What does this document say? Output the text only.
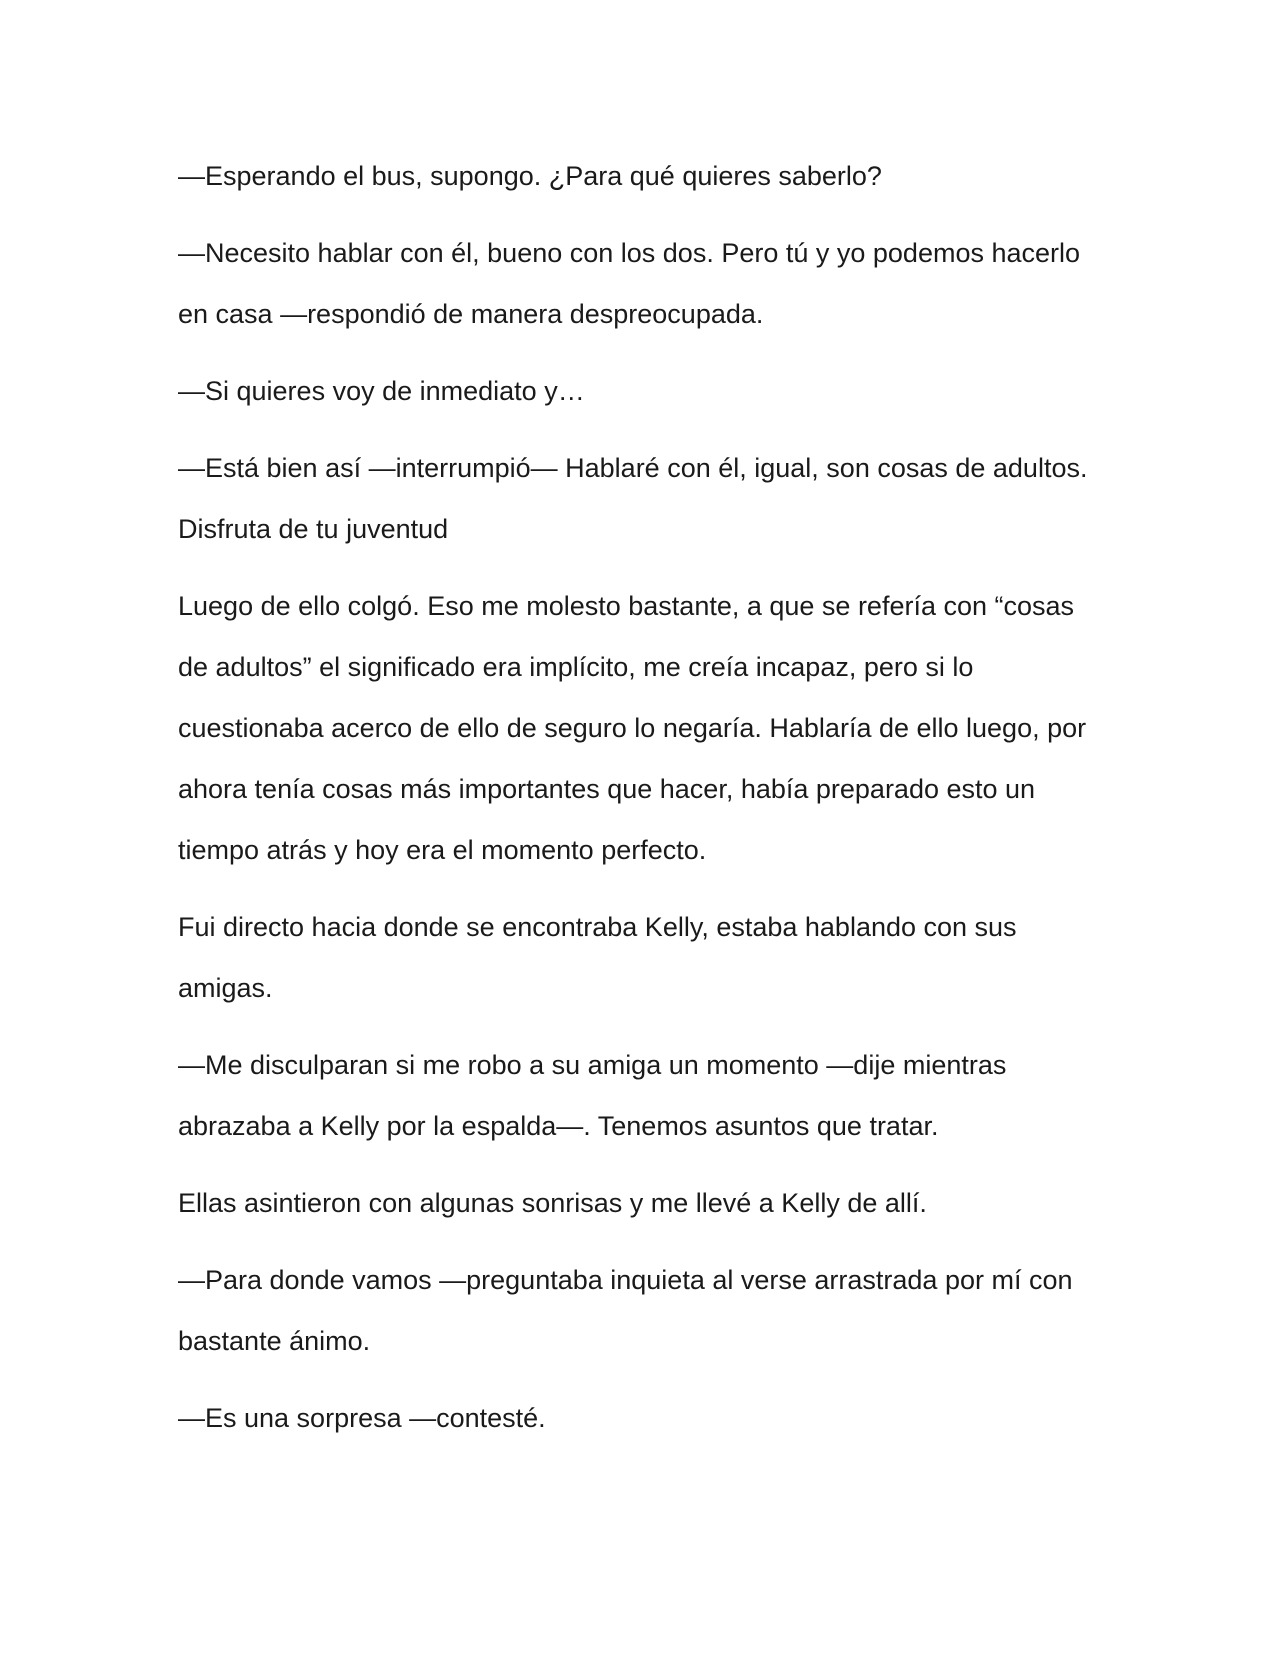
—Esperando el bus, supongo. ¿Para qué quieres saberlo?

—Necesito hablar con él, bueno con los dos. Pero tú y yo podemos hacerlo en casa —respondió de manera despreocupada.

—Si quieres voy de inmediato y…

—Está bien así —interrumpió— Hablaré con él, igual, son cosas de adultos. Disfruta de tu juventud

Luego de ello colgó. Eso me molesto bastante, a que se refería con “cosas de adultos” el significado era implícito, me creía incapaz, pero si lo cuestionaba acerco de ello de seguro lo negaría. Hablaría de ello luego, por ahora tenía cosas más importantes que hacer, había preparado esto un tiempo atrás y hoy era el momento perfecto.

Fui directo hacia donde se encontraba Kelly, estaba hablando con sus amigas.

—Me disculparan si me robo a su amiga un momento —dije mientras abrazaba a Kelly por la espalda—. Tenemos asuntos que tratar.

Ellas asintieron con algunas sonrisas y me llevé a Kelly de allí.

—Para donde vamos —preguntaba inquieta al verse arrastrada por mí con bastante ánimo.

—Es una sorpresa —contesté.
